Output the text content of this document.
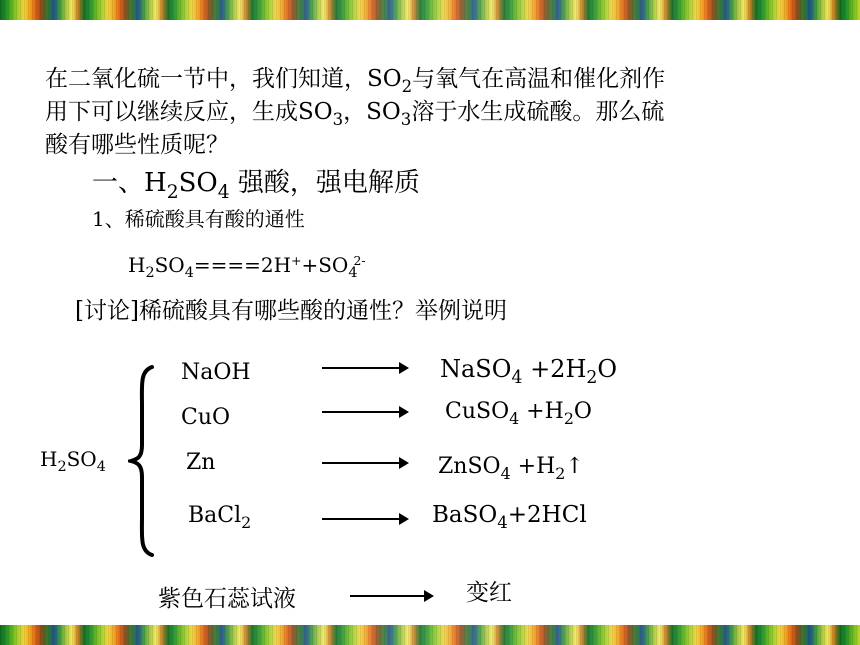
在二氧化硫一节中，我们知道，$SO_2$与氧气在高温和催化剂作
用下可以继续反应，生成$SO_3$，$SO_3$溶于水生成硫酸。那么硫
酸有哪些性质呢？
一、$H_2SO_4$ 强酸，强电解质
1、稀硫酸具有酸的通性
$H_2SO_4====2H^++SO_4^{2-}$
[讨论]稀硫酸具有哪些酸的通性？举例说明
$H_2SO_4$
NaOH	NaSO$_4$ $+2H_2O$
CuO	CuSO$_4$ $+H_2O$
Zn	ZnSO$_4$ $+H_2↑$
BaCl$_2$	BaSO$_4$+2HCl
紫色石蕊试液	变红
